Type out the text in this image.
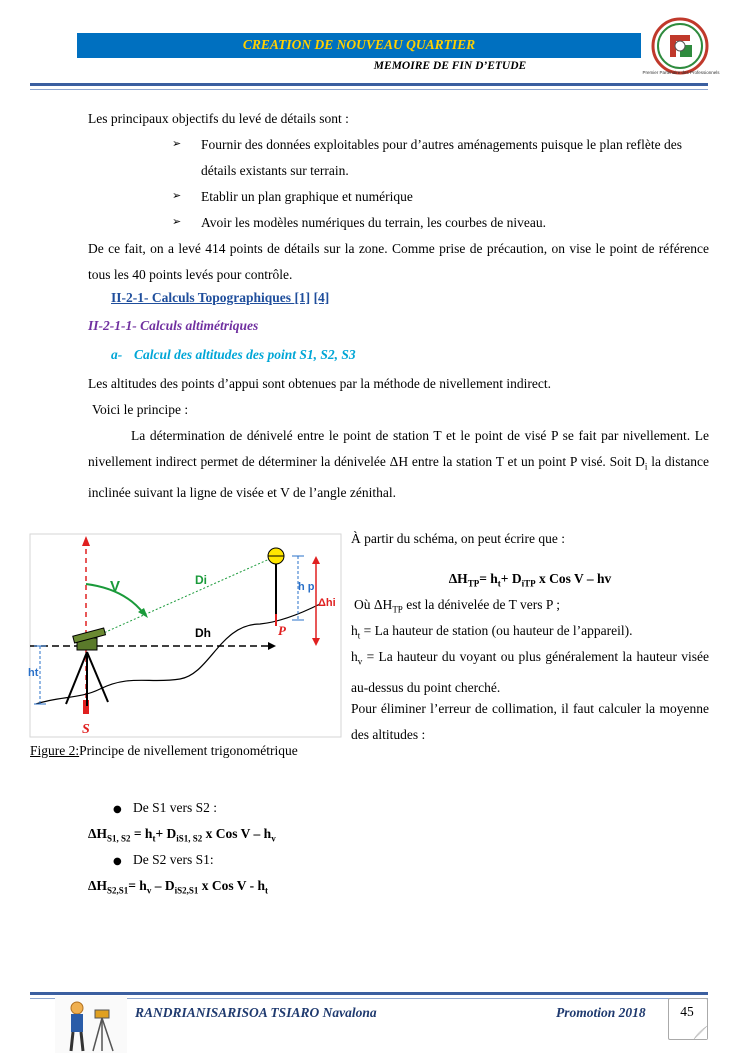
CREATION DE NOUVEAU QUARTIER
MEMOIRE DE FIN D’ETUDE
Premier Partenaire des Professionnels
Les principaux objectifs du levé de détails sont :
➢	Fournir des données exploitables pour d’autres aménagements puisque le plan reflète des détails existants sur terrain.
➢	Etablir un plan graphique et numérique
➢	Avoir les modèles numériques du terrain, les courbes de niveau.
De ce fait, on a levé 414 points de détails sur la zone. Comme prise de précaution, on vise le point de référence tous les 40 points levés pour contrôle.
II-2-1- Calculs Topographiques [1] [4]
II-2-1-1- Calculs altimétriques
a- Calcul des altitudes des point S1, S2, S3
Les altitudes des points d’appui sont obtenues par la méthode de nivellement indirect.
Voici le principe :
La détermination de dénivelé entre le point de station T et le point de visé P se fait par nivellement. Le nivellement indirect permet de déterminer la dénivelée ΔH entre la station T et un point P visé. Soit $D_i$ la distance inclinée suivant la ligne de visée et V de l’angle zénithal.
V	Di
Dh
S
ht
P
h p
Δhi
Figure 2:Principe de nivellement trigonométrique
À partir du schéma, on peut écrire que :
$\Delta H_{TP}= h_t+ D_{iTP}$ x Cos V – hv
Où $\Delta H_{TP}$ est la dénivelée de T vers P ;
$h_t = La$ hauteur de station (ou hauteur de l’appareil).
$h_v = La$ hauteur du voyant ou plus généralement la hauteur visée au-dessus du point cherché.
Pour éliminer l’erreur de collimation, il faut calculer la moyenne des altitudes :
● De S1 vers S2 :
$\Delta H_{S1, S2} = h_t+ D_{iS1, S2}$ x Cos V – $h_v$
● De S2 vers S1:
$\Delta H_{S2,S1}= h_v - D_{iS2,S1}$ x Cos V - $h_t$
RANDRIANISARISOA TSIARO Navalona	Promotion 2018	45
